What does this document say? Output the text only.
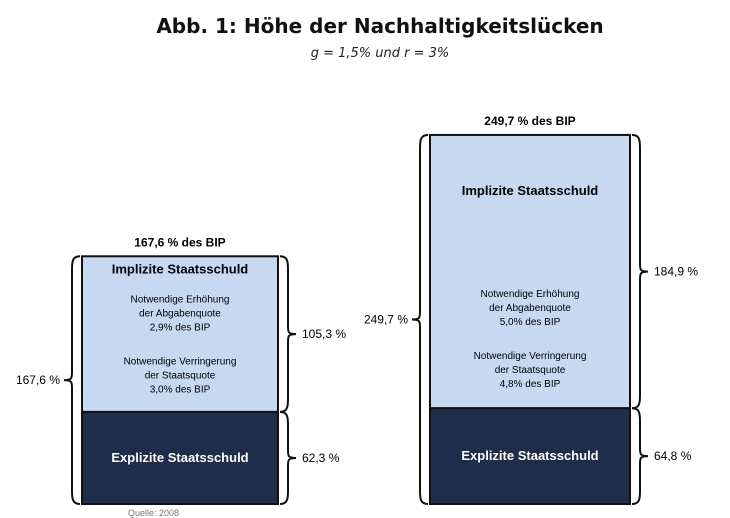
Abb. 1: Höhe der Nachhaltigkeitslücken
g = 1,5% und r = 3%
167,6 % des BIP
Implizite Staatsschuld
Notwendige Erhöhung
der Abgabenquote
2,9% des BIP
Notwendige Verringerung
der Staatsquote
3,0% des BIP
Explizite Staatsschuld
167,6 %
105,3 %
62,3 %
249,7 % des BIP
Implizite Staatsschuld
Notwendige Erhöhung
der Abgabenquote
5,0% des BIP
Notwendige Verringerung
der Staatsquote
4,8% des BIP
Explizite Staatsschuld
249,7 %
184,9 %
64,8 %
Quelle: 2008
